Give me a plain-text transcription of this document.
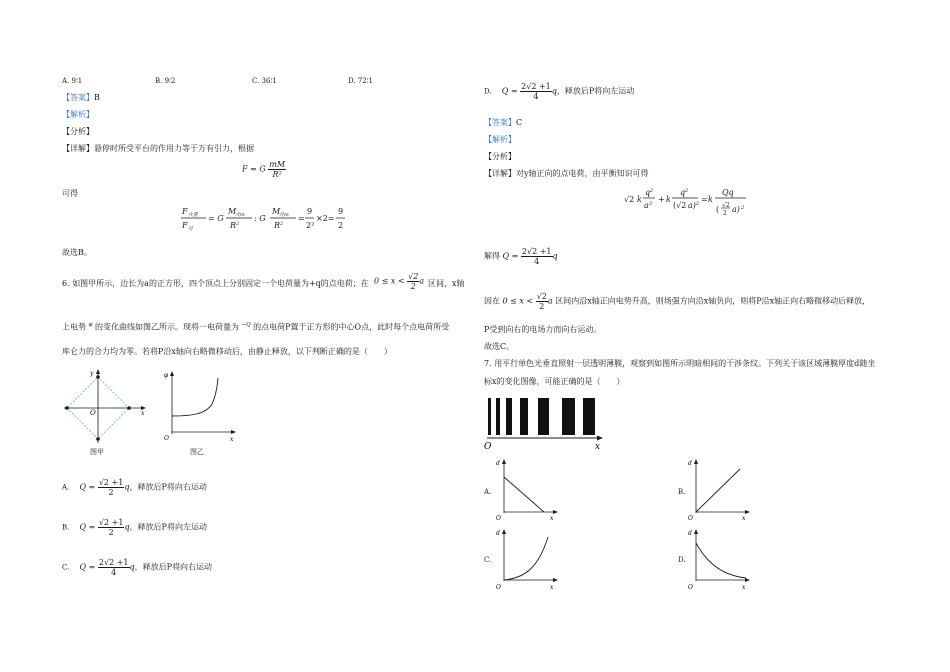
A. 9∶1	B. 9∶2	C. 36∶1	D. 72∶1
【答案】B
【解析】
【分析】
【详解】悬停时所受平台的作用力等于万有引力，根据
F = G $\frac{mM}{\text{R²}}$
可得
F 火星
F 月
= G
M
火m
R 2
: G
M
月m
R 2
=
9
2²
×2=
9
2
故选B。
6. 如图甲所示，边长为a的正方形，四个顶点上分别固定一个电荷量为+q的点电荷；在 $0 \le x < \frac{√2}{2}$ a 区间，x轴
上电势 $^\varphi$ 的变化曲线如图乙所示。现将一电荷量为 $^{-Q}$ 的点电荷P置于正方形的中心O点，此时每个点电荷所受
库仑力的合力均为零。若将P沿x轴向右略微移动后，由静止释放，以下判断正确的是（　　）
y
x
O
图甲
φ
O	x
图乙
A. $Q = \frac{√2 +1}{2}$ q，释放后P将向右运动
B. $Q = \frac{√2 +1}{2}$ q，释放后P将向左运动
C. $Q = \frac{2√2 +1}{4}$ q，释放后P将向右运动
D. $Q = \frac{2√2 +1}{4}$ q，释放后P将向左运动
【答案】C
【解析】
【分析】
【详解】对y轴正向的点电荷，由平衡知识可得
√2 k
q 2
a 2 + k
q 2
(√2 a) 2 = k
Qq
( √2
2 a) 2
解得 $Q = \frac{2√2 +1}{4}$ q
因在 $0 \le x < \frac{√2}{2}$ a 区间内沿x轴正向电势升高，则场强方向沿x轴负向，则将P沿x轴正向右略微移动后释放，
P受到向右的电场力而向右运动。
故选C。
7. 用平行单色光垂直照射一层透明薄膜，观察到如图所示明暗相间的干涉条纹。下列关于该区域薄膜厚度d随坐
标x的变化图像，可能正确的是（　　）
O	x
A.
d
O	x
B.
d
O	x
C.
d
O	x
D.
d
O	x
